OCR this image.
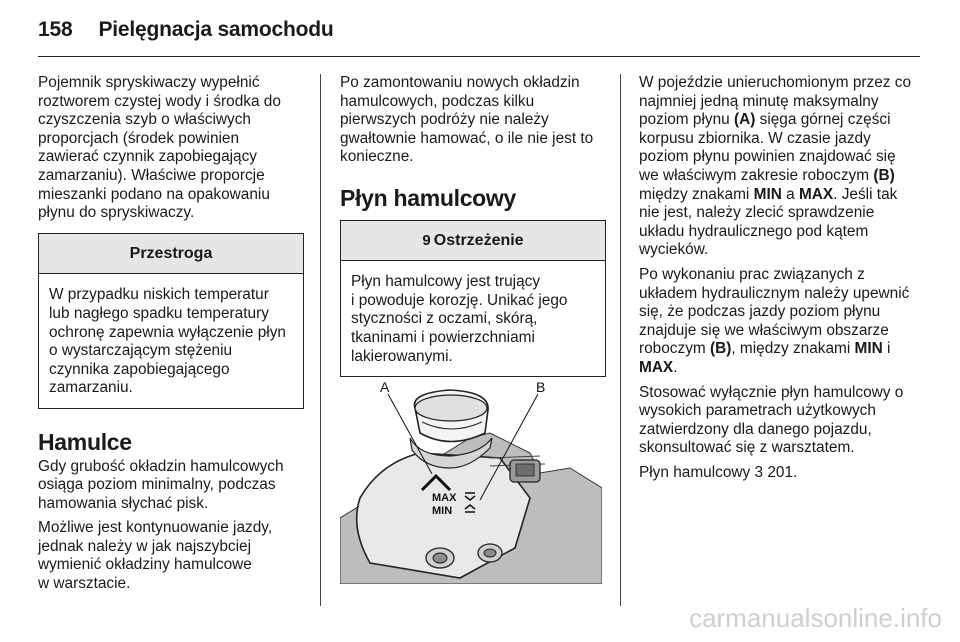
158 Pielęgnacja samochodu

Pojemnik spryskiwaczy wypełnić
roztworem czystej wody i środka do
czyszczenia szyb o właściwych
proporcjach (środek powinien
zawierać czynnik zapobiegający
zamarzaniu). Właściwe proporcje
mieszanki podano na opakowaniu
płynu do spryskiwaczy.

Przestroga
W przypadku niskich temperatur
lub nagłego spadku temperatury
ochronę zapewnia wyłączenie płyn
o wystarczającym stężeniu
czynnika zapobiegającego
zamarzaniu.
Hamulce

Gdy grubość okładzin hamulcowych
osiąga poziom minimalny, podczas
hamowania słychać pisk.

Możliwe jest kontynuowanie jazdy,
jednak należy w jak najszybciej
wymienić okładziny hamulcowe
w warsztacie.

Po zamontowaniu nowych okładzin
hamulcowych, podczas kilku
pierwszych podróży nie należy
gwałtownie hamować, o ile nie jest to
konieczne.

Płyn hamulcowy
9 Ostrzeżenie
Płyn hamulcowy jest trujący
i powoduje korozję. Unikać jego
styczności z oczami, skórą,
tkaninami i powierzchniami
lakierowanymi.
MAX
MIN
A	B

W pojeździe unieruchomionym przez co najmniej jedną minutę maksymalny poziom płynu (A) sięga górnej części korpusu zbiornika. W czasie jazdy poziom płynu powinien znajdować się we właściwym zakresie roboczym (B) między znakami MIN a MAX. Jeśli tak nie jest, należy zlecić sprawdzenie układu hydraulicznego pod kątem wycieków.

Po wykonaniu prac związanych z układem hydraulicznym należy upewnić się, że podczas jazdy poziom płynu znajduje się we właściwym obszarze roboczym (B), między znakami MIN i MAX.

Stosować wyłącznie płyn hamulcowy o wysokich parametrach użytkowych zatwierdzony dla danego pojazdu, skonsultować się z warsztatem.

Płyn hamulcowy 3 201.

carmanualsonline.info
